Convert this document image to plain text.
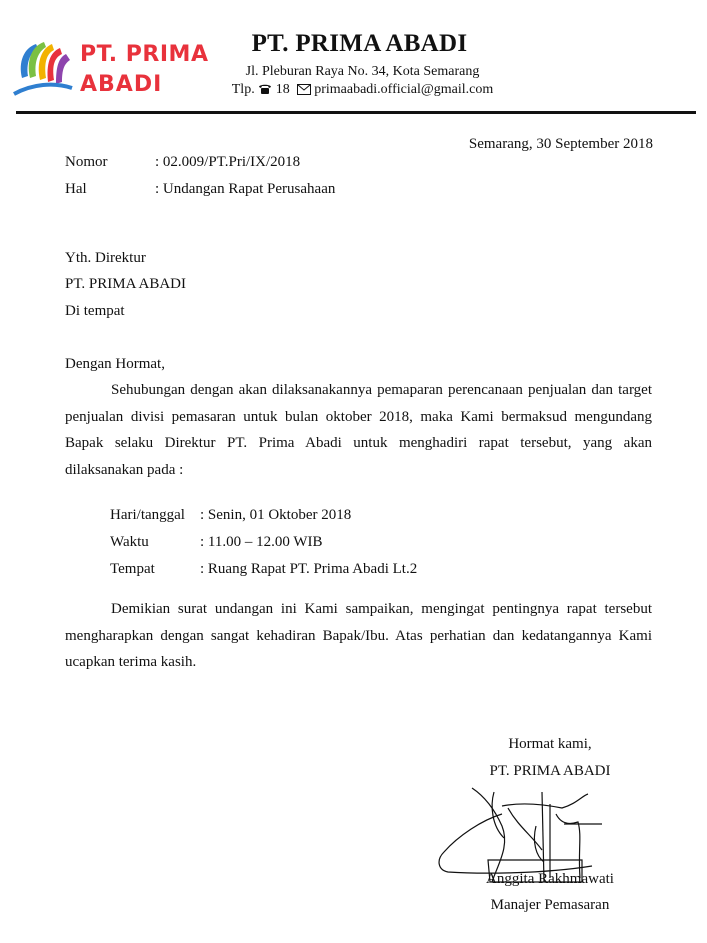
PT. PRIMA
ABADI
PT. PRIMA ABADI
Jl. Pleburan Raya No. 34, Kota Semarang
Tlp. 18 primaabadi.official@gmail.com
Semarang, 30 September 2018
Nomor	: 02.009/PT.Pri/IX/2018
Hal	: Undangan Rapat Perusahaan
Yth. Direktur
PT. PRIMA ABADI
Di tempat
Dengan Hormat,
Sehubungan dengan akan dilaksanakannya pemaparan perencanaan penjualan dan target
penjualan divisi pemasaran untuk bulan oktober 2018, maka Kami bermaksud mengundang
Bapak selaku Direktur PT. Prima Abadi untuk menghadiri rapat tersebut, yang akan
dilaksanakan pada :
Hari/tanggal : Senin, 01 Oktober 2018
Waktu	: 11.00 – 12.00 WIB
Tempat	: Ruang Rapat PT. Prima Abadi Lt.2
Demikian surat undangan ini Kami sampaikan, mengingat pentingnya rapat tersebut
mengharapkan dengan sangat kehadiran Bapak/Ibu. Atas perhatian dan kedatangannya Kami
ucapkan terima kasih.
Hormat kami,
PT. PRIMA ABADI
Anggita Rakhmawati
Manajer Pemasaran
